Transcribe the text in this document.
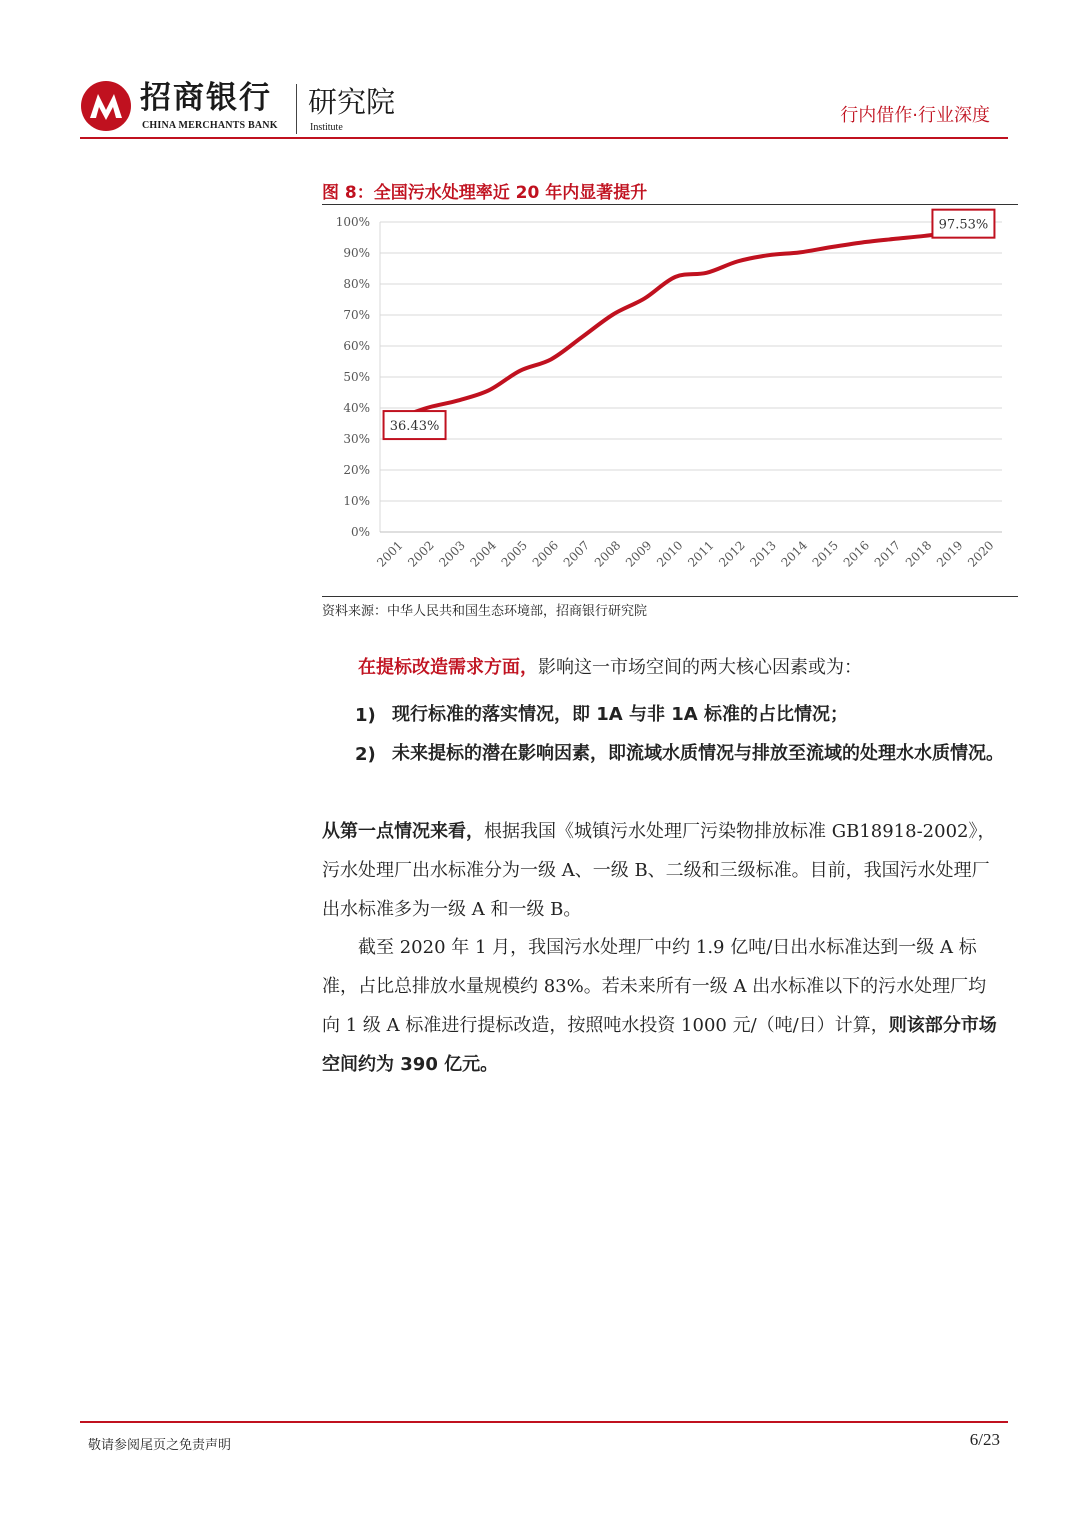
招商银行
CHINA MERCHANTS BANK
研究院
Institute
行内借作·行业深度
图 8：全国污水处理率近 20 年内显著提升
0%
10%
20%
30%
40%
50%
60%
70%
80%
90%
100%
2001 2002 2003 2004 2005 2006 2007 2008 2009 2010 2011 2012 2013 2014 2015 2016 2017 2018 2019 2020
36.43%
97.53%
资料来源：中华人民共和国生态环境部，招商银行研究院
在提标改造需求方面，影响这一市场空间的两大核心因素或为：
1) 现行标准的落实情况，即 1A 与非 1A 标准的占比情况；
2) 未来提标的潜在影响因素，即流域水质情况与排放至流域的处理水水质情况。
从第一点情况来看，根据我国《城镇污水处理厂污染物排放标准 GB18918-2002》，污水处理厂出水标准分为一级 A、一级 B、二级和三级标准。目前，我国污水处理厂出水标准多为一级 A 和一级 B。
截至 2020 年 1 月，我国污水处理厂中约 1.9 亿吨/日出水标准达到一级 A 标准，占比总排放水量规模约 83%。若未来所有一级 A 出水标准以下的污水处理厂均向 1 级 A 标准进行提标改造，按照吨水投资 1000 元/（吨/日）计算，则该部分市场空间约为 390 亿元。
敬请参阅尾页之免责声明	6/23
